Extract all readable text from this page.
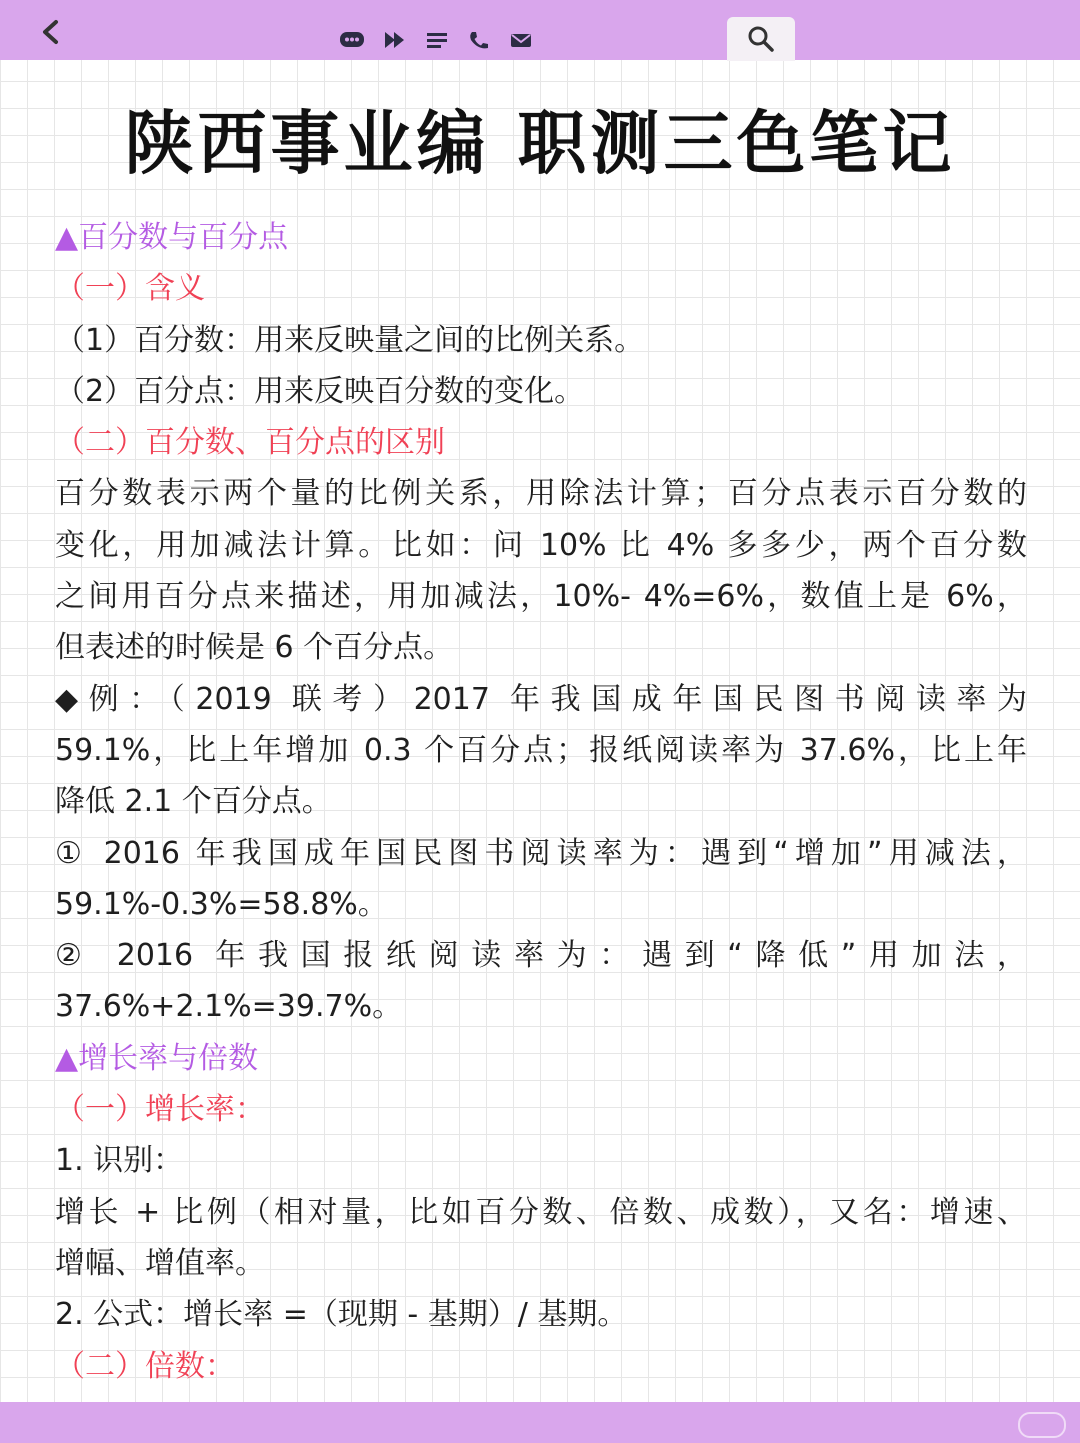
陕西事业编 职测三色笔记
▲百分数与百分点
（一）含义
（1）百分数：用来反映量之间的比例关系。
（2）百分点：用来反映百分数的变化。
（二）百分数、百分点的区别
百分数表示两个量的比例关系，用除法计算；百分点表示百分数的
变化，用加减法计算。比如：问 10% 比 4% 多多少，两个百分数
之间用百分点来描述，用加减法，10%- 4%=6%，数值上是 6%，
但表述的时候是 6 个百分点。
◆例：（2019 联考）2017 年我国成年国民图书阅读率为
59.1%，比上年增加 0.3 个百分点；报纸阅读率为 37.6%，比上年
降低 2.1 个百分点。
① 2016 年我国成年国民图书阅读率为：遇到“增加”用减法，
59.1%-0.3%=58.8%。
② 2016 年我国报纸阅读率为：遇到“降低”用加法，
37.6%+2.1%=39.7%。
▲增长率与倍数
（一）增长率：
1. 识别：
增长 + 比例（相对量，比如百分数、倍数、成数），又名：增速、
增幅、增值率。
2. 公式：增长率 =（现期 - 基期）/ 基期。
（二）倍数：
